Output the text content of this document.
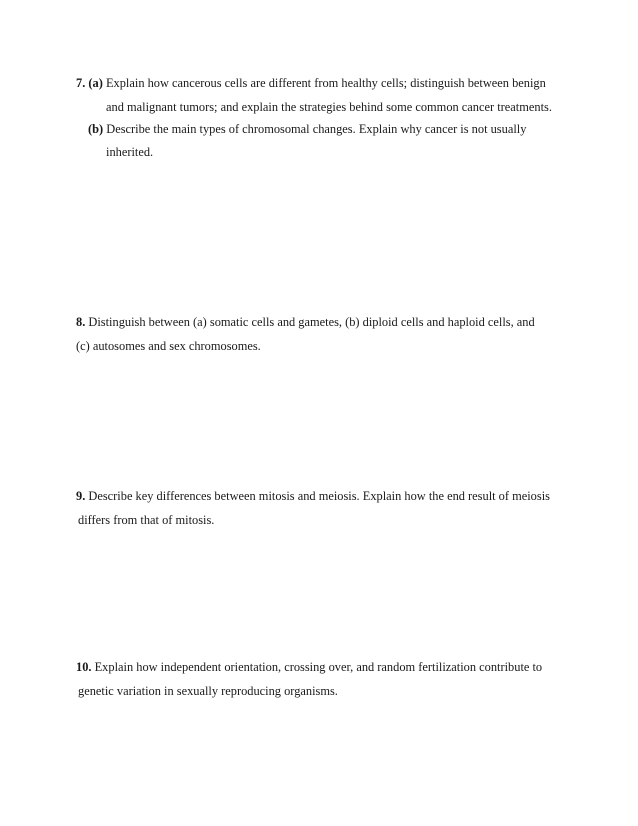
7. (a) Explain how cancerous cells are different from healthy cells; distinguish between benign
and malignant tumors; and explain the strategies behind some common cancer treatments.
(b) Describe the main types of chromosomal changes. Explain why cancer is not usually
inherited.
8. Distinguish between (a) somatic cells and gametes, (b) diploid cells and haploid cells, and
(c) autosomes and sex chromosomes.
9. Describe key differences between mitosis and meiosis. Explain how the end result of meiosis
differs from that of mitosis.
10. Explain how independent orientation, crossing over, and random fertilization contribute to
genetic variation in sexually reproducing organisms.
